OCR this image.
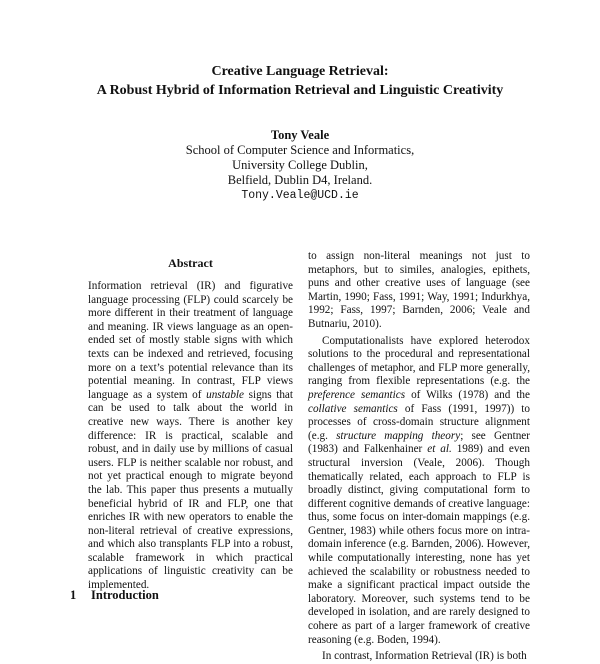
Creative Language Retrieval:
A Robust Hybrid of Information Retrieval and Linguistic Creativity
Tony Veale
School of Computer Science and Informatics,
University College Dublin,
Belfield, Dublin D4, Ireland.
Tony.Veale@UCD.ie
Abstract

Information retrieval (IR) and figurative language processing (FLP) could scarcely be more different in their treatment of language and meaning. IR views language as an open-ended set of mostly stable signs with which texts can be indexed and retrieved, focusing more on a text’s potential relevance than its potential meaning. In contrast, FLP views language as a system of unstable signs that can be used to talk about the world in creative new ways. There is another key difference: IR is practical, scalable and robust, and in daily use by millions of casual users. FLP is neither scalable nor robust, and not yet practical enough to migrate beyond the lab. This paper thus presents a mutually beneficial hybrid of IR and FLP, one that enriches IR with new operators to enable the non-literal retrieval of creative expressions, and which also transplants FLP into a robust, scalable framework in which practical applications of linguistic creativity can be implemented.

1 Introduction

to assign non-literal meanings not just to metaphors, but to similes, analogies, epithets, puns and other creative uses of language (see Martin, 1990; Fass, 1991; Way, 1991; Indurkhya, 1992; Fass, 1997; Barnden, 2006; Veale and Butnariu, 2010).

Computationalists have explored heterodox solutions to the procedural and representational challenges of metaphor, and FLP more generally, ranging from flexible representations (e.g. the preference semantics of Wilks (1978) and the collative semantics of Fass (1991, 1997)) to processes of cross-domain structure alignment (e.g. structure mapping theory; see Gentner (1983) and Falkenhainer et al. 1989) and even structural inversion (Veale, 2006). Though thematically related, each approach to FLP is broadly distinct, giving computational form to different cognitive demands of creative language: thus, some focus on inter-domain mappings (e.g. Gentner, 1983) while others focus more on intra-domain inference (e.g. Barnden, 2006). However, while computationally interesting, none has yet achieved the scalability or robustness needed to make a significant practical impact outside the laboratory. Moreover, such systems tend to be developed in isolation, and are rarely designed to cohere as part of a larger framework of creative reasoning (e.g. Boden, 1994).

In contrast, Information Retrieval (IR) is both
